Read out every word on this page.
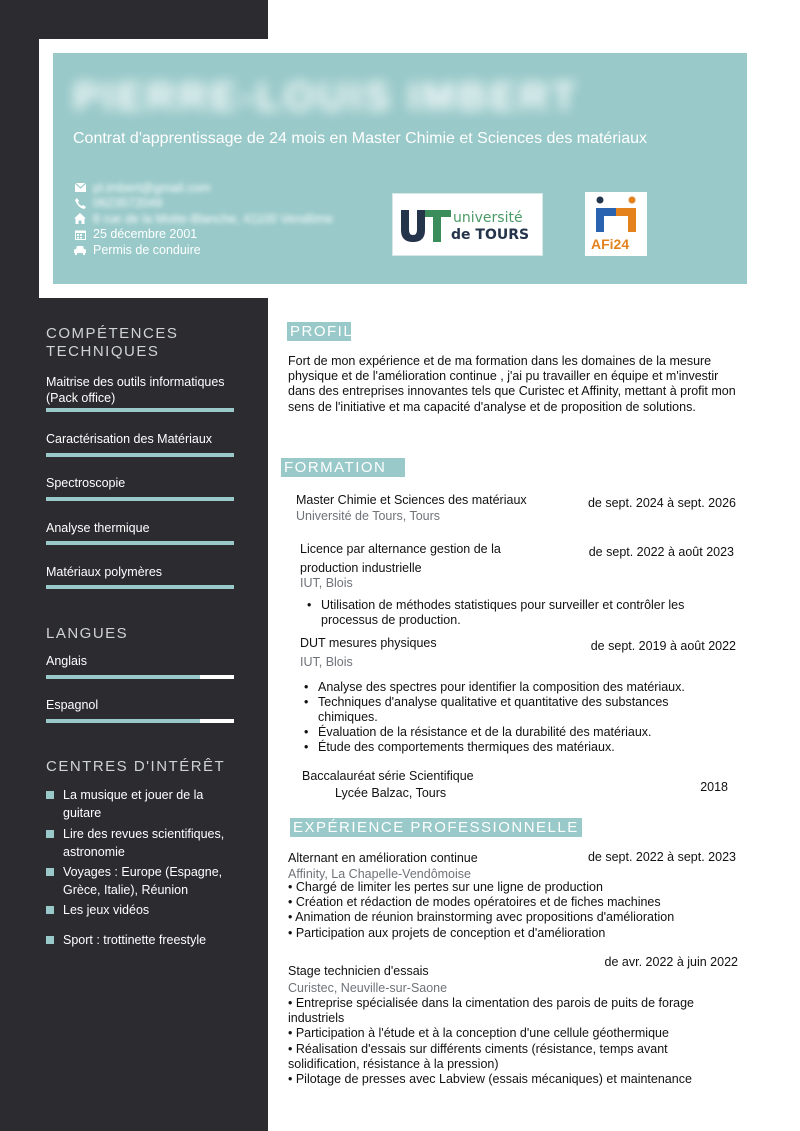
PIERRE-LOUIS IMBERT
Contrat d'apprentissage de 24 mois en Master Chimie et Sciences des matériaux
pl.imbert@gmail.com
0623572049
8 rue de la Motte-Blanche, 41100 Vendôme
25 décembre 2001
Permis de conduire
université
de TOURS
AFi24
COMPÉTENCES TECHNIQUES
Maitrise des outils informatiques (Pack office)
Caractérisation des Matériaux
Spectroscopie
Analyse thermique
Matériaux polymères
LANGUES
Anglais
Espagnol
CENTRES D'INTÉRÊT
La musique et jouer de la guitare
Lire des revues scientifiques, astronomie
Voyages : Europe (Espagne, Grèce, Italie), Réunion
Les jeux vidéos
Sport : trottinette freestyle
PROFIL
Fort de mon expérience et de ma formation dans les domaines de la mesure physique et de l'amélioration continue , j'ai pu travailler en équipe et m'investir dans des entreprises innovantes tels que Curistec et Affinity, mettant à profit mon sens de l'initiative et ma capacité d'analyse et de proposition de solutions.
FORMATION
Master Chimie et Sciences des matériaux
Université de Tours, Tours
de sept. 2024 à sept. 2026
Licence par alternance gestion de la production industrielle
IUT, Blois
de sept. 2022 à août 2023
• Utilisation de méthodes statistiques pour surveiller et contrôler les processus de production.
DUT mesures physiques
IUT, Blois
de sept. 2019 à août 2022
• Analyse des spectres pour identifier la composition des matériaux.
• Techniques d'analyse qualitative et quantitative des substances chimiques.
• Évaluation de la résistance et de la durabilité des matériaux.
• Étude des comportements thermiques des matériaux.
Baccalauréat série Scientifique
Lycée Balzac, Tours	2018
EXPÉRIENCE PROFESSIONNELLE
Alternant en amélioration continue
Affinity, La Chapelle-Vendômoise
de sept. 2022 à sept. 2023
• Chargé de limiter les pertes sur une ligne de production
• Création et rédaction de modes opératoires et de fiches machines
• Animation de réunion brainstorming avec propositions d'amélioration
• Participation aux projets de conception et d'amélioration
Stage technicien d'essais
Curistec, Neuville-sur-Saone
de avr. 2022 à juin 2022
• Entreprise spécialisée dans la cimentation des parois de puits de forage industriels
• Participation à l'étude et à la conception d'une cellule géothermique
• Réalisation d'essais sur différents ciments (résistance, temps avant solidification, résistance à la pression)
• Pilotage de presses avec Labview (essais mécaniques) et maintenance
